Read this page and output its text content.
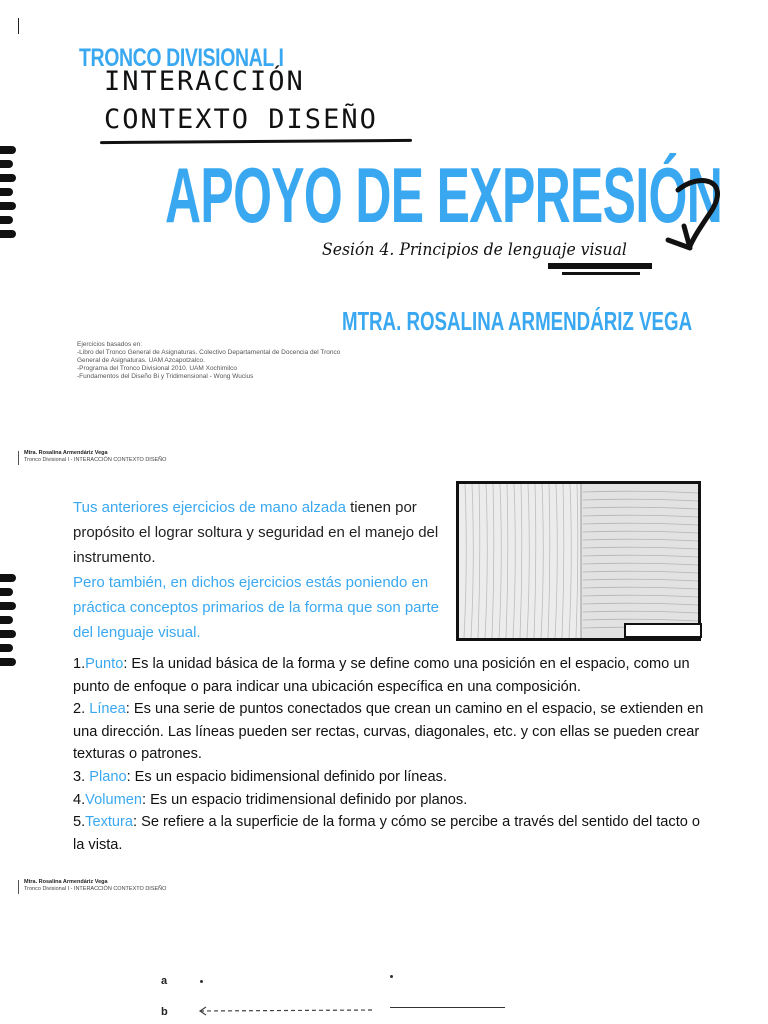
TRONCO DIVISIONAL I
INTERACCIÓN
CONTEXTO DISEÑO
APOYO DE EXPRESIÓN
Sesión 4. Principios de lenguaje visual
MTRA. ROSALINA ARMENDÁRIZ VEGA
Ejercicios basados en:
-Libro del Tronco General de Asignaturas. Colectivo Departamental de Docencia del Tronco
General de Asignaturas. UAM Azcapotzalco.
-Programa del Tronco Divisional 2010. UAM Xochimilco
-Fundamentos del Diseño Bi y Tridimensional - Wong Wucius
Mtra. Rosalina Armendáriz Vega
Tronco Divisional I - INTERACCIÓN CONTEXTO DISEÑO
Tus anteriores ejercicios de mano alzada tienen por propósito el lograr soltura y seguridad en el manejo del instrumento.
Pero también, en dichos ejercicios estás poniendo en práctica conceptos primarios de la forma que son parte del lenguaje visual.

1.Punto: Es la unidad básica de la forma y se define como una posición en el espacio, como un punto de enfoque o para indicar una ubicación específica en una composición.

2. Línea: Es una serie de puntos conectados que crean un camino en el espacio, se extienden en una dirección. Las líneas pueden ser rectas, curvas, diagonales, etc. y con ellas se pueden crear texturas o patrones.

3. Plano: Es un espacio bidimensional definido por líneas.

4.Volumen: Es un espacio tridimensional definido por planos.

5.Textura: Se refiere a la superficie de la forma y cómo se percibe a través del sentido del tacto o la vista.

Mtra. Rosalina Armendáriz Vega
Tronco Divisional I - INTERACCIÓN CONTEXTO DISEÑO
a
b
